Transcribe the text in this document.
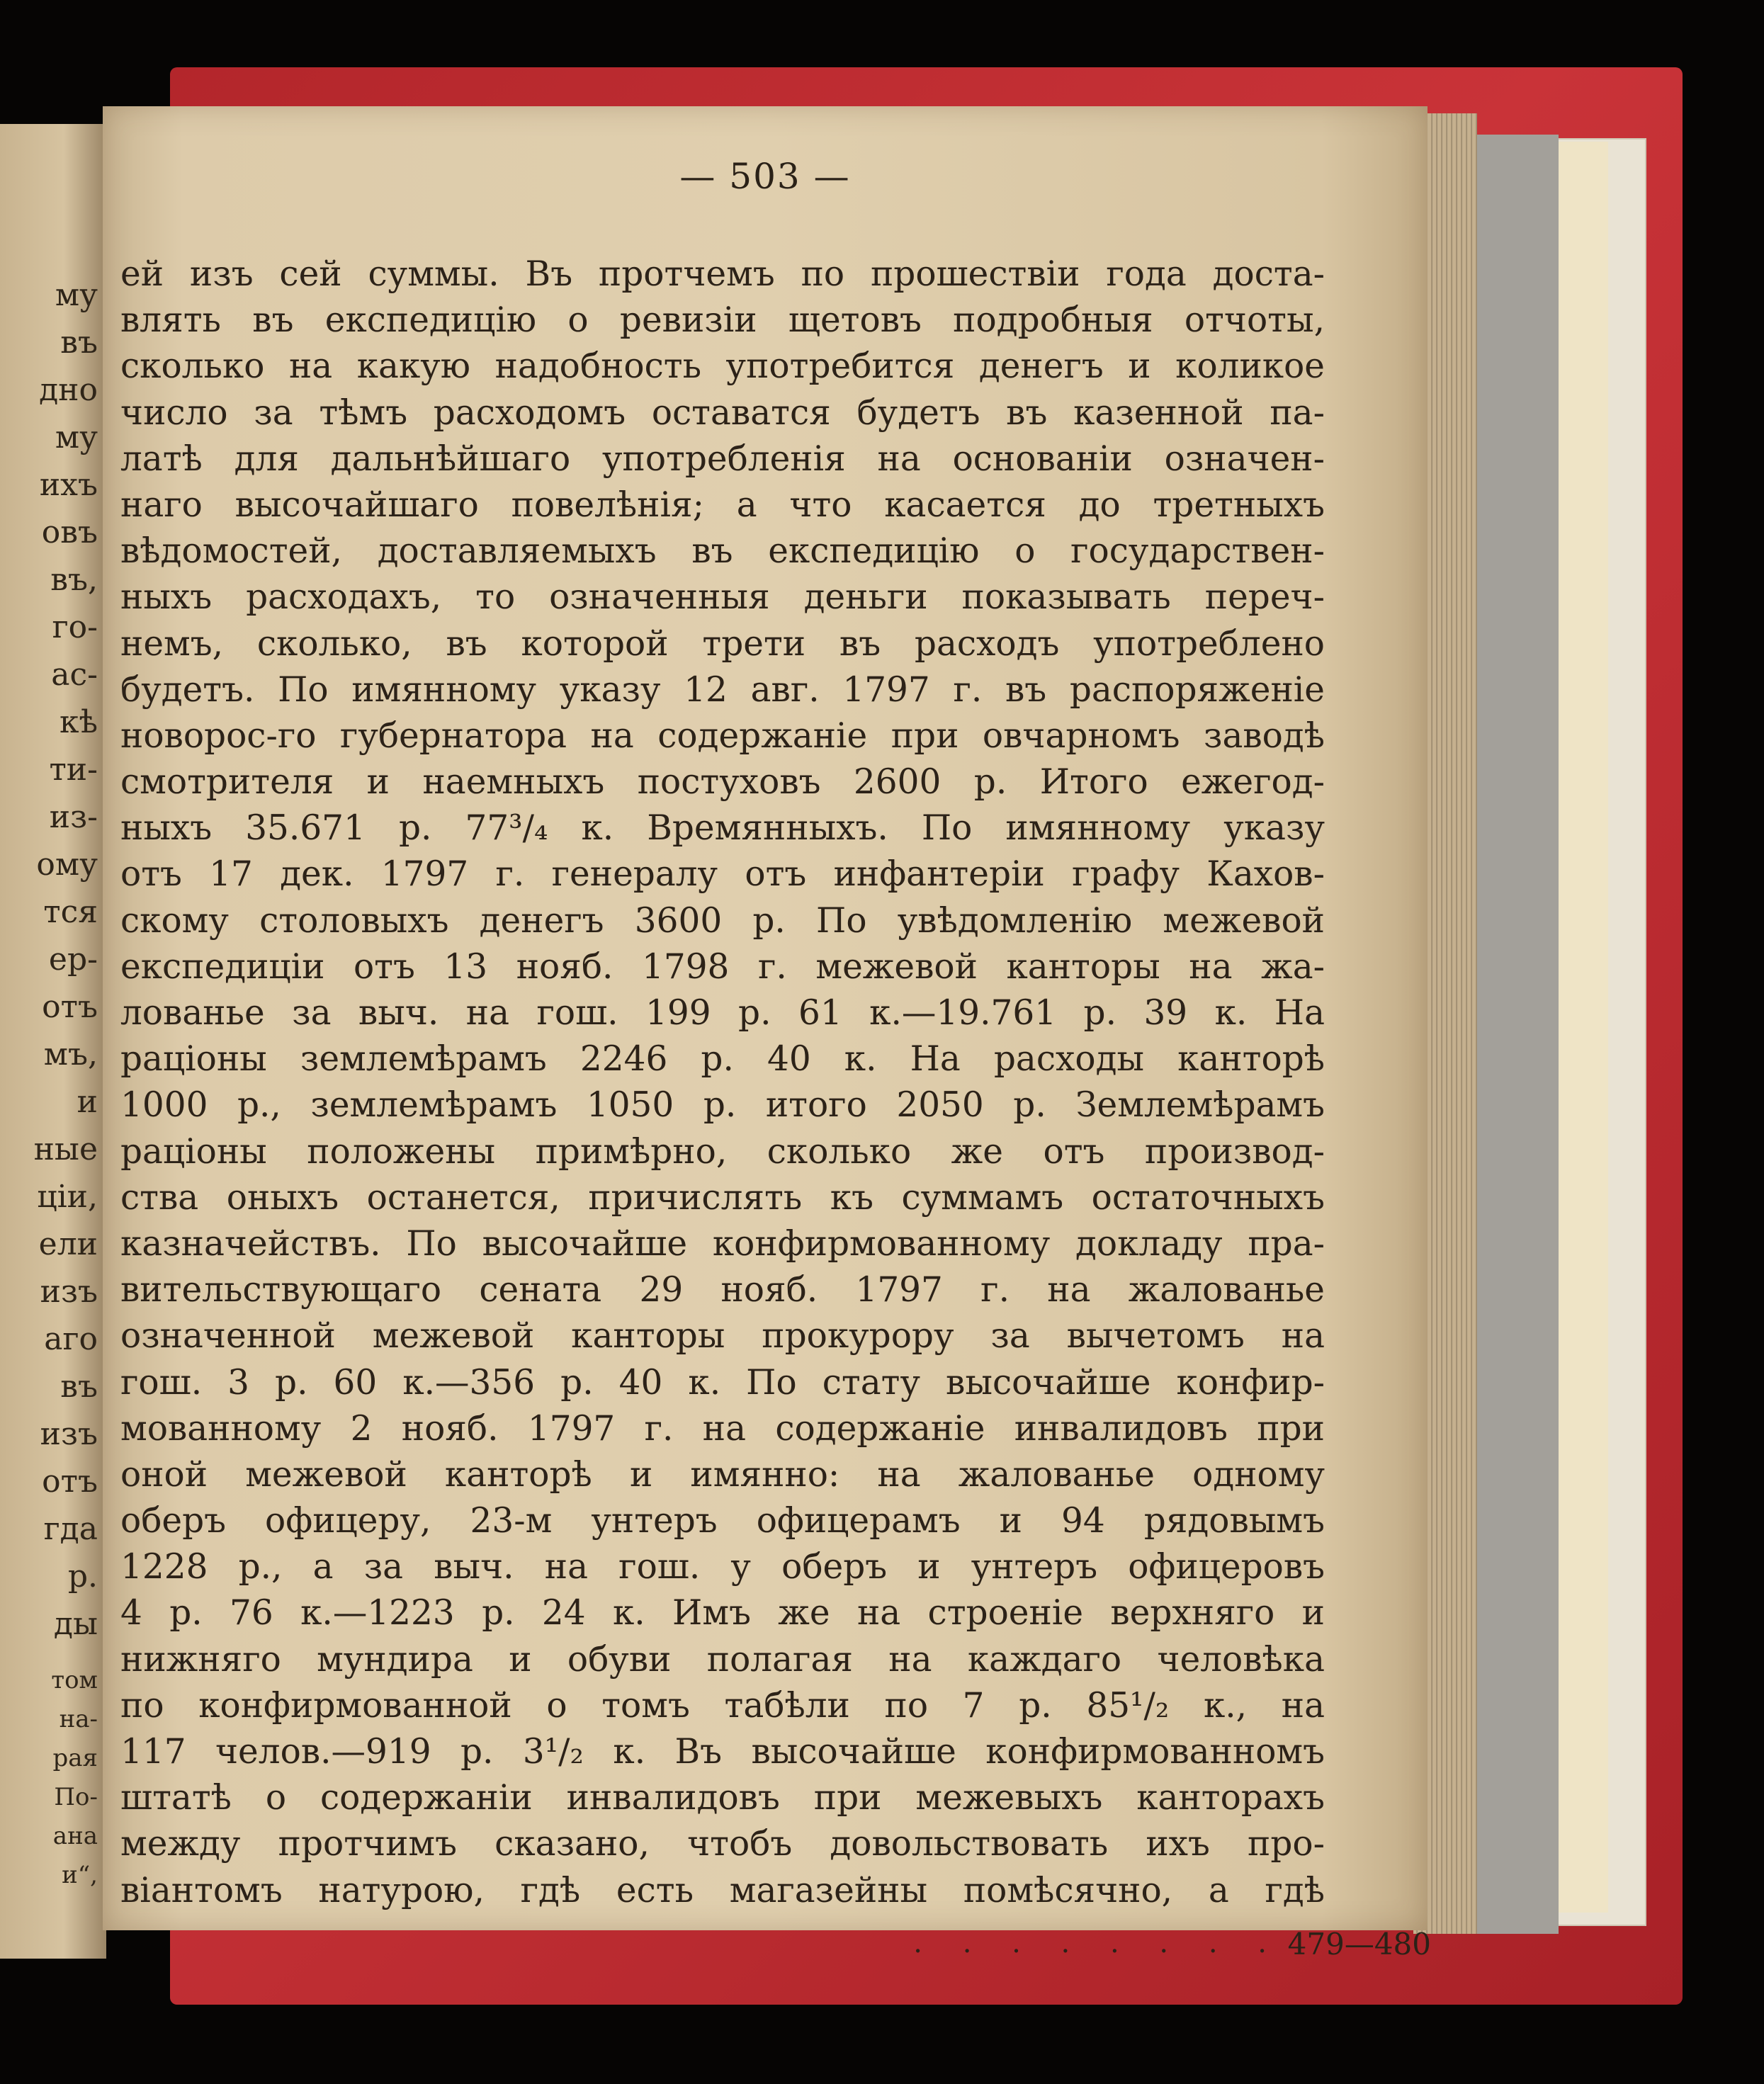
му

въ

дно

му

ихъ

овъ

въ,

го-

ас-

кѣ

ти-

из-

ому

тся

ер-

отъ

мъ,

и

ные

ціи,

ели

изъ

аго

въ

изъ

отъ

гда

р.

ды

том

на-

рая

По-

ана

и“,

— 503 —

ей изъ сей суммы. Въ протчемъ по прошествіи года доста-
влять въ експедицію о ревизіи щетовъ подробныя отчоты,
сколько на какую надобность употребится денегъ и коликое
число за тѣмъ расходомъ оставатся будетъ въ казенной па-
латѣ для дальнѣйшаго употребленія на основаніи означен-
наго высочайшаго повелѣнія; а что касается до третныхъ
вѣдомостей, доставляемыхъ въ експедицію о государствен-
ныхъ расходахъ, то означенныя деньги показывать переч-
немъ, сколько, въ которой трети въ расходъ употреблено
будетъ. По имянному указу 12 авг. 1797 г. въ распоряженіе
новорос-го губернатора на содержаніе при овчарномъ заводѣ
смотрителя и наемныхъ постуховъ 2600 р. Итого ежегод-
ныхъ 35.671 р. 77³/₄ к. Времянныхъ. По имянному указу
отъ 17 дек. 1797 г. генералу отъ инфантеріи графу Кахов-
скому столовыхъ денегъ 3600 р. По увѣдомленію межевой
експедиціи отъ 13 нояб. 1798 г. межевой канторы на жа-
лованье за выч. на гош. 199 р. 61 к.—19.761 р. 39 к. На
раціоны землемѣрамъ 2246 р. 40 к. На расходы канторѣ
1000 р., землемѣрамъ 1050 р. итого 2050 р. Землемѣрамъ
раціоны положены примѣрно, сколько же отъ производ-
ства оныхъ останется, причислять къ суммамъ остаточныхъ
казначействъ. По высочайше конфирмованному докладу пра-
вительствующаго сената 29 нояб. 1797 г. на жалованье
означенной межевой канторы прокурору за вычетомъ на
гош. 3 р. 60 к.—356 р. 40 к. По стату высочайше конфир-
мованному 2 нояб. 1797 г. на содержаніе инвалидовъ при
оной межевой канторѣ и имянно: на жалованье одному
оберъ офицеру, 23-м унтеръ офицерамъ и 94 рядовымъ
1228 р., а за выч. на гош. у оберъ и унтеръ офицеровъ
4 р. 76 к.—1223 р. 24 к. Имъ же на строеніе верхняго и
нижняго мундира и обуви полагая на каждаго человѣка
по конфирмованной о томъ табѣли по 7 р. 85¹/₂ к., на
117 челов.—919 р. 3¹/₂ к. Въ высочайше конфирмованномъ
штатѣ о содержаніи инвалидовъ при межевыхъ канторахъ
между протчимъ сказано, чтобъ довольствовать ихъ про-
віантомъ натурою, гдѣ есть магазейны помѣсячно, а гдѣ

. . . . . . . . 479—480
